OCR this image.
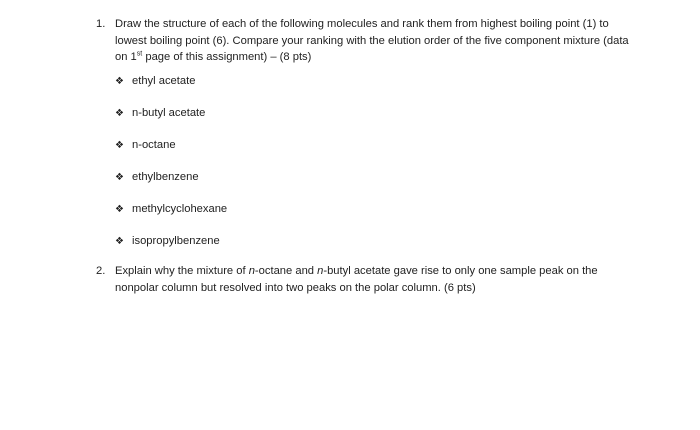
1. Draw the structure of each of the following molecules and rank them from highest boiling point (1) to lowest boiling point (6). Compare your ranking with the elution order of the five component mixture (data on 1st page of this assignment) – (8 pts)
❖ ethyl acetate
❖ n-butyl acetate
❖ n-octane
❖ ethylbenzene
❖ methylcyclohexane
❖ isopropylbenzene
2. Explain why the mixture of n-octane and n-butyl acetate gave rise to only one sample peak on the nonpolar column but resolved into two peaks on the polar column. (6 pts)
